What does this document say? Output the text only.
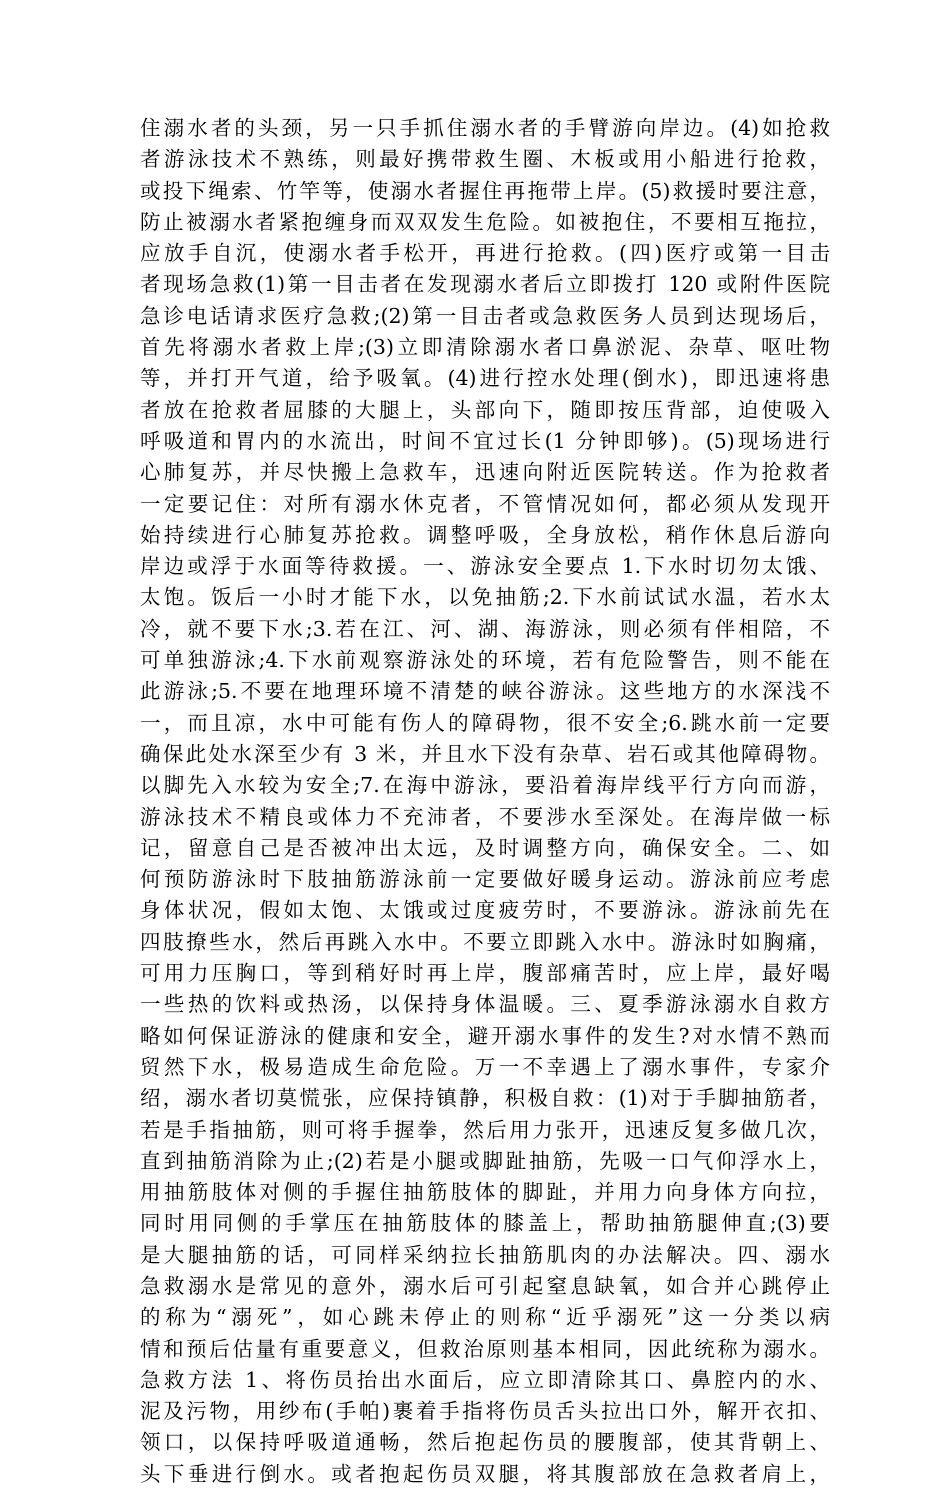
住溺水者的头颈，另一只手抓住溺水者的手臂游向岸边。(4)如抢救
者游泳技术不熟练，则最好携带救生圈、木板或用小船进行抢救，
或投下绳索、竹竿等，使溺水者握住再拖带上岸。(5)救援时要注意，
防止被溺水者紧抱缠身而双双发生危险。如被抱住，不要相互拖拉，
应放手自沉，使溺水者手松开，再进行抢救。(四)医疗或第一目击
者现场急救(1)第一目击者在发现溺水者后立即拨打 120 或附件医院
急诊电话请求医疗急救;(2)第一目击者或急救医务人员到达现场后，
首先将溺水者救上岸;(3)立即清除溺水者口鼻淤泥、杂草、呕吐物
等，并打开气道，给予吸氧。(4)进行控水处理(倒水)，即迅速将患
者放在抢救者屈膝的大腿上，头部向下，随即按压背部，迫使吸入
呼吸道和胃内的水流出，时间不宜过长(1 分钟即够)。(5)现场进行
心肺复苏，并尽快搬上急救车，迅速向附近医院转送。作为抢救者
一定要记住：对所有溺水休克者，不管情况如何，都必须从发现开
始持续进行心肺复苏抢救。调整呼吸，全身放松，稍作休息后游向
岸边或浮于水面等待救援。一、游泳安全要点 1.下水时切勿太饿、
太饱。饭后一小时才能下水，以免抽筋;2.下水前试试水温，若水太
冷，就不要下水;3.若在江、河、湖、海游泳，则必须有伴相陪，不
可单独游泳;4.下水前观察游泳处的环境，若有危险警告，则不能在
此游泳;5.不要在地理环境不清楚的峡谷游泳。这些地方的水深浅不
一，而且凉，水中可能有伤人的障碍物，很不安全;6.跳水前一定要
确保此处水深至少有 3 米，并且水下没有杂草、岩石或其他障碍物。
以脚先入水较为安全;7.在海中游泳，要沿着海岸线平行方向而游，
游泳技术不精良或体力不充沛者，不要涉水至深处。在海岸做一标
记，留意自己是否被冲出太远，及时调整方向，确保安全。二、如
何预防游泳时下肢抽筋游泳前一定要做好暖身运动。游泳前应考虑
身体状况，假如太饱、太饿或过度疲劳时，不要游泳。游泳前先在
四肢撩些水，然后再跳入水中。不要立即跳入水中。游泳时如胸痛，
可用力压胸口，等到稍好时再上岸，腹部痛苦时，应上岸，最好喝
一些热的饮料或热汤，以保持身体温暖。三、夏季游泳溺水自救方
略如何保证游泳的健康和安全，避开溺水事件的发生?对水情不熟而
贸然下水，极易造成生命危险。万一不幸遇上了溺水事件，专家介
绍，溺水者切莫慌张，应保持镇静，积极自救：(1)对于手脚抽筋者，
若是手指抽筋，则可将手握拳，然后用力张开，迅速反复多做几次，
直到抽筋消除为止;(2)若是小腿或脚趾抽筋，先吸一口气仰浮水上，
用抽筋肢体对侧的手握住抽筋肢体的脚趾，并用力向身体方向拉，
同时用同侧的手掌压在抽筋肢体的膝盖上，帮助抽筋腿伸直;(3)要
是大腿抽筋的话，可同样采纳拉长抽筋肌肉的办法解决。四、溺水
急救溺水是常见的意外，溺水后可引起窒息缺氧，如合并心跳停止
的称为“溺死”，如心跳未停止的则称“近乎溺死”这一分类以病
情和预后估量有重要意义，但救治原则基本相同，因此统称为溺水。
急救方法 1、将伤员抬出水面后，应立即清除其口、鼻腔内的水、
泥及污物，用纱布(手帕)裹着手指将伤员舌头拉出口外，解开衣扣、
领口，以保持呼吸道通畅，然后抱起伤员的腰腹部，使其背朝上、
头下垂进行倒水。或者抱起伤员双腿，将其腹部放在急救者肩上，
